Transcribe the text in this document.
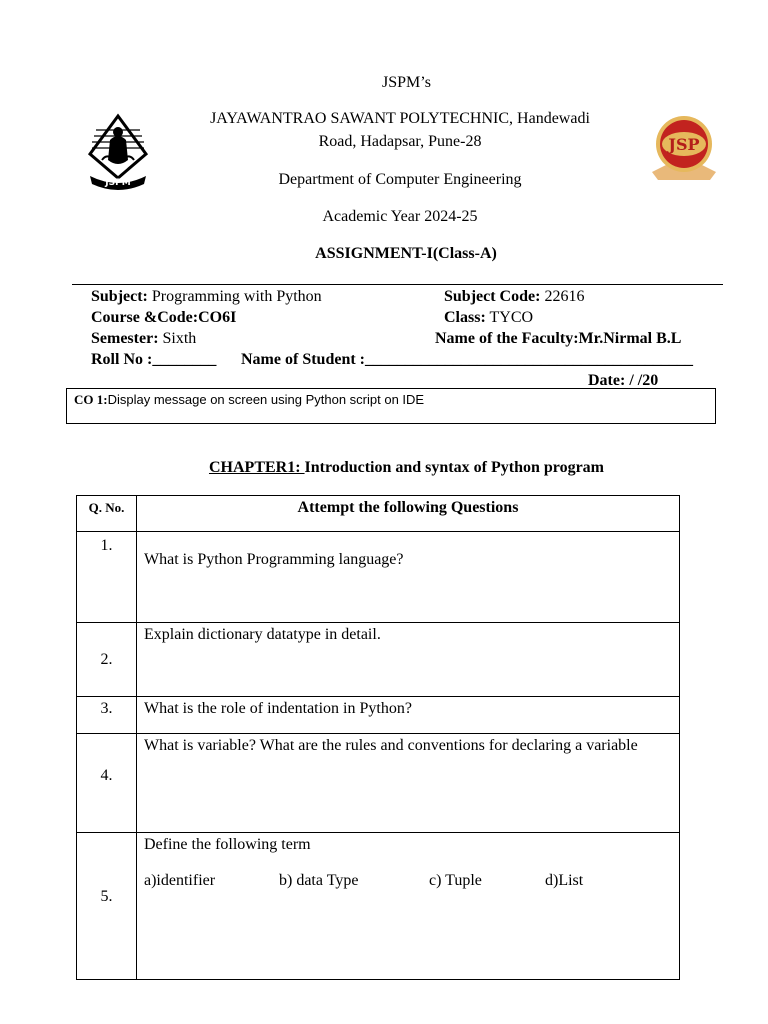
JSPM’s
JAYAWANTRAO SAWANT POLYTECHNIC, Handewadi
Road, Hadapsar, Pune-28
Department of Computer Engineering
Academic Year 2024-25
ASSIGNMENT-I(Class-A)
JSPM
JSP
Subject: Programming with Python	Subject Code: 22616
Course &Code:CO6I	Class: TYCO
Semester: Sixth	Name of the Faculty:Mr.Nirmal B.L
Roll No :________ Name of Student :_________________________________________
Date: / /20
CO 1:Display message on screen using Python script on IDE
CHAPTER1: Introduction and syntax of Python program
Q. No.	Attempt the following Questions
1.	What is Python Programming language?
2.	Explain dictionary datatype in detail.
3.	What is the role of indentation in Python?
4.	What is variable? What are the rules and conventions for declaring a variable
5.	Define the following term
a)identifier b) data Type c) Tuple d)List
